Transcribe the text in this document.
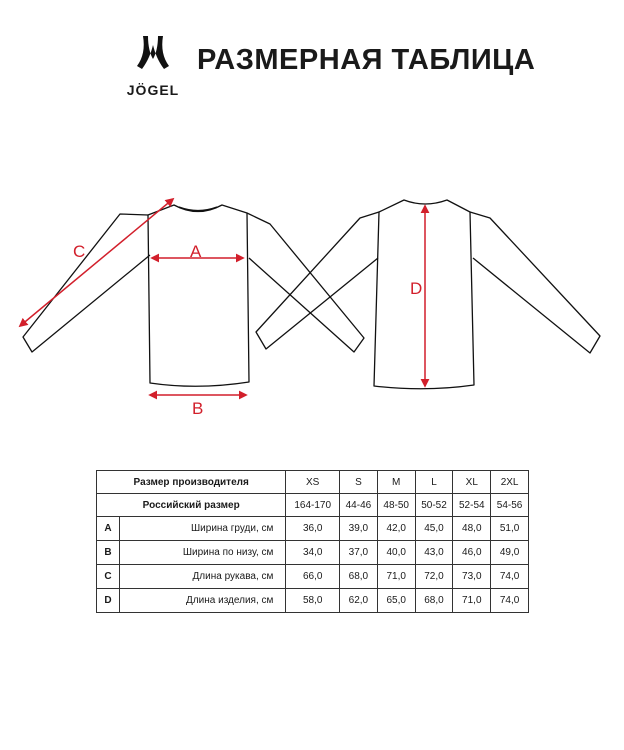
JÖGEL
РАЗМЕРНАЯ ТАБЛИЦА
A
B
C
D
Размер производителя		XS	S	M	L	XL	2XL
Российский размер		164-170	44-46	48-50	50-52	52-54	54-56
A	Ширина груди, см	36,0	39,0	42,0	45,0	48,0	51,0
B	Ширина по низу, см	34,0	37,0	40,0	43,0	46,0	49,0
C	Длина рукава, см	66,0	68,0	71,0	72,0	73,0	74,0
D	Длина изделия, см	58,0	62,0	65,0	68,0	71,0	74,0
